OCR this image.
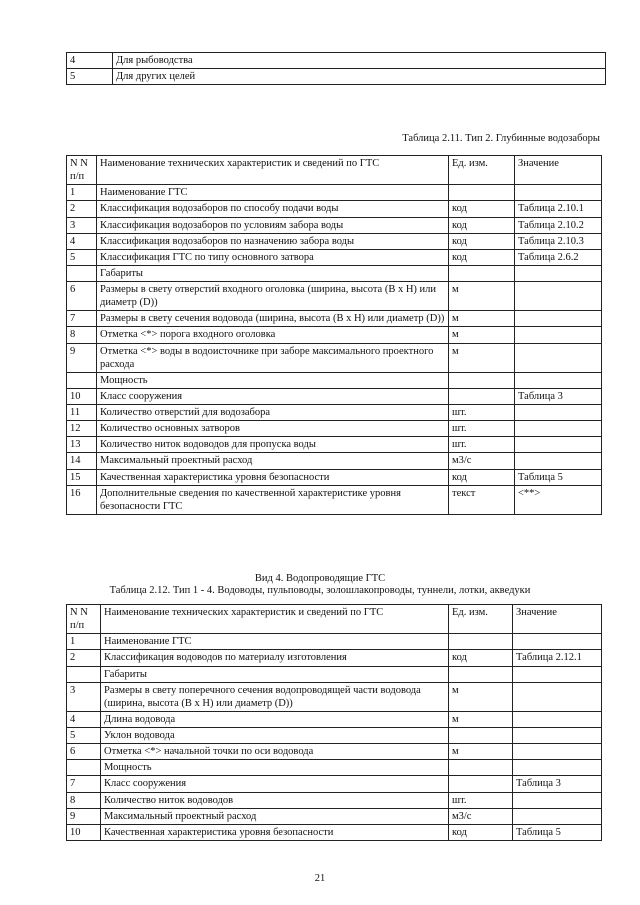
4	Для рыбоводства
5	Для других целей
Таблица 2.11. Тип 2. Глубинные водозаборы
N N п/п	Наименование технических характеристик и сведений по ГТС	Ед. изм.	Значение
1	Наименование ГТС		
2	Классификация водозаборов по способу подачи воды	код	Таблица 2.10.1
3	Классификация водозаборов по условиям забора воды	код	Таблица 2.10.2
4	Классификация водозаборов по назначению забора воды	код	Таблица 2.10.3
5	Классификация ГТС по типу основного затвора	код	Таблица 2.6.2
	Габариты		
6	Размеры в свету отверстий входного оголовка (ширина, высота (В х Н) или диаметр (D))	м	
7	Размеры в свету сечения водовода (ширина, высота (В х Н) или диаметр (D))	м	
8	Отметка <*> порога входного оголовка	м	
9	Отметка <*> воды в водоисточнике при заборе максимального проектного расхода	м	
	Мощность		
10	Класс сооружения		Таблица 3
11	Количество отверстий для водозабора	шт.	
12	Количество основных затворов	шт.	
13	Количество ниток водоводов для пропуска воды	шт.	
14	Максимальный проектный расход	м3/с	
15	Качественная характеристика уровня безопасности	код	Таблица 5
16	Дополнительные сведения по качественной характеристике уровня безопасности ГТС	текст	<**>
Вид 4. Водопроводящие ГТС
Таблица 2.12. Тип 1 - 4. Водоводы, пульповоды, золошлакопроводы, туннели, лотки, акведуки
N N п/п	Наименование технических характеристик и сведений по ГТС	Ед. изм.	Значение
1	Наименование ГТС		
2	Классификация водоводов по материалу изготовления	код	Таблица 2.12.1
	Габариты		
3	Размеры в свету поперечного сечения водопроводящей части водовода (ширина, высота (В х Н) или диаметр (D))	м	
4	Длина водовода	м	
5	Уклон водовода		
6	Отметка <*> начальной точки по оси водовода	м	
	Мощность		
7	Класс сооружения		Таблица 3
8	Количество ниток водоводов	шт.	
9	Максимальный проектный расход	м3/с	
10	Качественная характеристика уровня безопасности	код	Таблица 5
21
